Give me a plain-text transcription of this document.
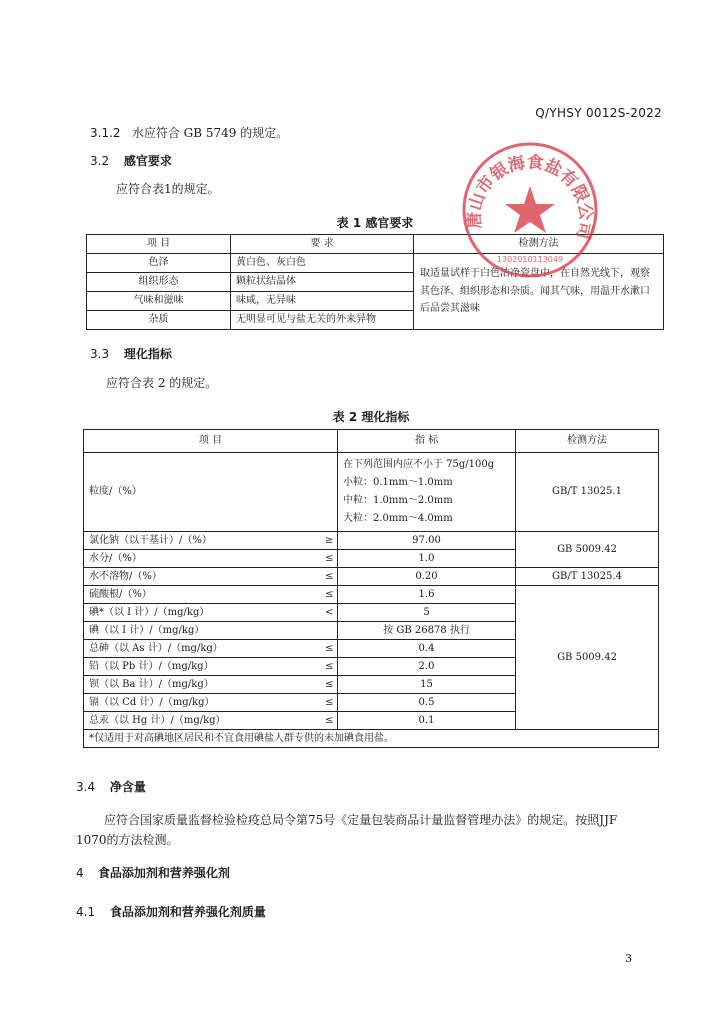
Q/YHSY 0012S-2022
3.1.2 水应符合 GB 5749 的规定。
3.2 感官要求
应符合表1的规定。
表 1 感官要求
项 目	要 求	检测方法
色泽	黄白色、灰白色	取适量试样于白色洁净瓷盘中，在自然光线下，观察其色泽、组织形态和杂质。闻其气味，用温开水漱口后品尝其滋味
组织形态	颗粒状结晶体	
气味和滋味	味咸，无异味	
杂质	无明显可见与盐无关的外来异物	
唐山市银海食盐有限公司
1302010113049
3.3 理化指标
应符合表 2 的规定。
表 2 理化指标
项 目		指 标	检测方法
粒度/（%）		在下列范围内应不小于 75g/100g
小粒：0.1mm～1.0mm
中粒：1.0mm～2.0mm
大粒：2.0mm～4.0mm	GB/T 13025.1
氯化钠（以干基计）/（%）	≥	97.00	GB 5009.42
水分/（%）	≤	1.0	
水不溶物/（%）	≤	0.20	GB/T 13025.4
硫酸根/（%）	≤	1.6	GB 5009.42
碘*（以 I 计）/（mg/kg）	<	5	
碘（以 I 计）/（mg/kg）		按 GB 26878 执行	
总砷（以 As 计）/（mg/kg）	≤	0.4	
铅（以 Pb 计）/（mg/kg）	≤	2.0	
钡（以 Ba 计）/（mg/kg）	≤	15	
镉（以 Cd 计）/（mg/kg）	≤	0.5	
总汞（以 Hg 计）/（mg/kg）	≤	0.1	
*仅适用于对高碘地区居民和不宜食用碘盐人群专供的未加碘食用盐。			
3.4 净含量
应符合国家质量监督检验检疫总局令第75号《定量包装商品计量监督管理办法》的规定。按照JJF 1070的方法检测。
4 食品添加剂和营养强化剂
4.1 食品添加剂和营养强化剂质量
3
